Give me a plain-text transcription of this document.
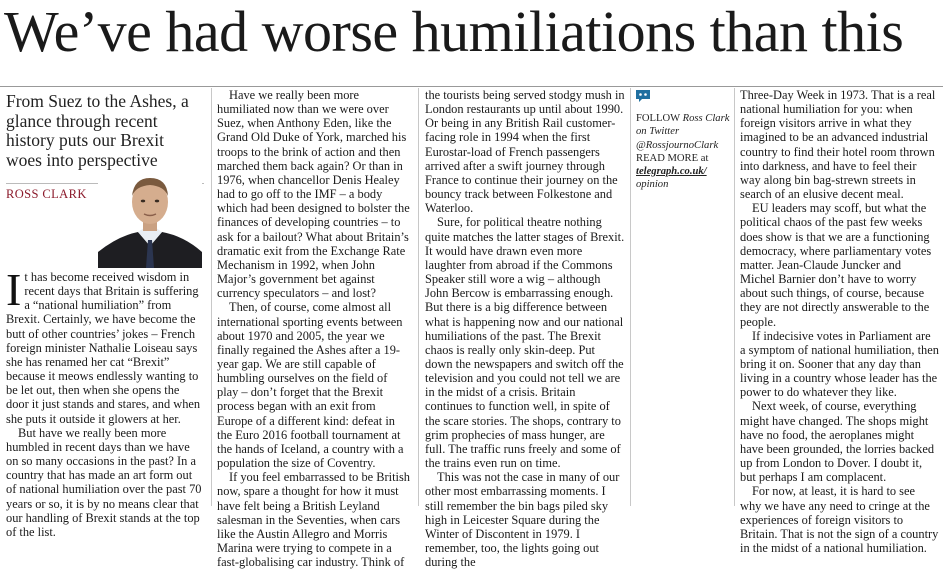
We’ve had worse humiliations than this
From Suez to the Ashes, a glance through recent history puts our Brexit woes into perspective
ROSS CLARK

It has become received wisdom in recent days that Britain is suffering a “national humiliation” from Brexit. Certainly, we have become the butt of other countries’ jokes – French foreign minister Nathalie Loiseau says she has renamed her cat “Brexit” because it meows endlessly wanting to be let out, then when she opens the door it just stands and stares, and when she puts it outside it glowers at her.

But have we really been more humbled in recent days than we have on so many occasions in the past? In a country that has made an art form out of national humiliation over the past 70 years or so, it is by no means clear that our handling of Brexit stands at the top of the list.

Have we really been more humiliated now than we were over Suez, when Anthony Eden, like the Grand Old Duke of York, marched his troops to the brink of action and then marched them back again? Or than in 1976, when chancellor Denis Healey had to go off to the IMF – a body which had been designed to bolster the finances of developing countries – to ask for a bailout? What about Britain’s dramatic exit from the Exchange Rate Mechanism in 1992, when John Major’s government bet against currency speculators – and lost?

Then, of course, come almost all international sporting events between about 1970 and 2005, the year we finally regained the Ashes after a 19-year gap. We are still capable of humbling ourselves on the field of play – don’t forget that the Brexit process began with an exit from Europe of a different kind: defeat in the Euro 2016 football tournament at the hands of Iceland, a country with a population the size of Coventry.

If you feel embarrassed to be British now, spare a thought for how it must have felt being a British Leyland salesman in the Seventies, when cars like the Austin Allegro and Morris Marina were trying to compete in a fast-globalising car industry. Think of

the tourists being served stodgy mush in London restaurants up until about 1990. Or being in any British Rail customer-facing role in 1994 when the first Eurostar-load of French passengers arrived after a swift journey through France to continue their journey on the bouncy track between Folkestone and Waterloo.

Sure, for political theatre nothing quite matches the latter stages of Brexit. It would have drawn even more laughter from abroad if the Commons Speaker still wore a wig – although John Bercow is embarrassing enough. But there is a big difference between what is happening now and our national humiliations of the past. The Brexit chaos is really only skin-deep. Put down the newspapers and switch off the television and you could not tell we are in the midst of a crisis. Britain continues to function well, in spite of the scare stories. The shops, contrary to grim prophecies of mass hunger, are full. The traffic runs freely and some of the trains even run on time.

This was not the case in many of our other most embarrassing moments. I still remember the bin bags piled sky high in Leicester Square during the Winter of Discontent in 1979. I remember, too, the lights going out during the

FOLLOW Ross Clark
on Twitter
@RossjournoClark
READ MORE at telegraph.co.uk/
opinion

Three-Day Week in 1973. That is a real national humiliation for you: when foreign visitors arrive in what they imagined to be an advanced industrial country to find their hotel room thrown into darkness, and have to feel their way along bin bag-strewn streets in search of an elusive decent meal.

EU leaders may scoff, but what the political chaos of the past few weeks does show is that we are a functioning democracy, where parliamentary votes matter. Jean-Claude Juncker and Michel Barnier don’t have to worry about such things, of course, because they are not directly answerable to the people.

If indecisive votes in Parliament are a symptom of national humiliation, then bring it on. Sooner that any day than living in a country whose leader has the power to do whatever they like.

Next week, of course, everything might have changed. The shops might have no food, the aeroplanes might have been grounded, the lorries backed up from London to Dover. I doubt it, but perhaps I am complacent.

For now, at least, it is hard to see why we have any need to cringe at the experiences of foreign visitors to Britain. That is not the sign of a country in the midst of a national humiliation.
